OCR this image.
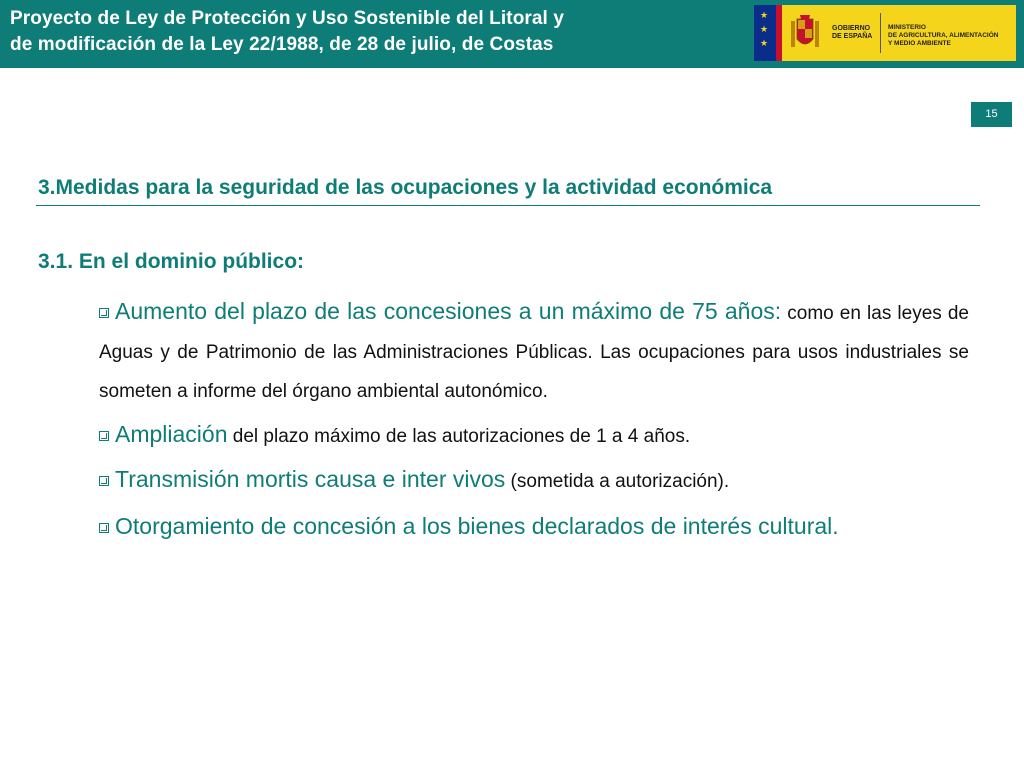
Proyecto de Ley de Protección y Uso Sostenible del Litoral y
de modificación de la Ley 22/1988, de 28 de julio, de Costas
★
★
★
GOBIERNO
DE ESPAÑA
MINISTERIO
DE AGRICULTURA, ALIMENTACIÓN
Y MEDIO AMBIENTE
15
3.Medidas para la seguridad de las ocupaciones y la actividad económica
3.1. En el dominio público:

Aumento del plazo de las concesiones a un máximo de 75 años: como en las leyes de Aguas y de Patrimonio de las Administraciones Públicas. Las ocupaciones para usos industriales se someten a informe del órgano ambiental autonómico.

Ampliación del plazo máximo de las autorizaciones de 1 a 4 años.

Transmisión mortis causa e inter vivos (sometida a autorización).

Otorgamiento de concesión a los bienes declarados de interés cultural.
